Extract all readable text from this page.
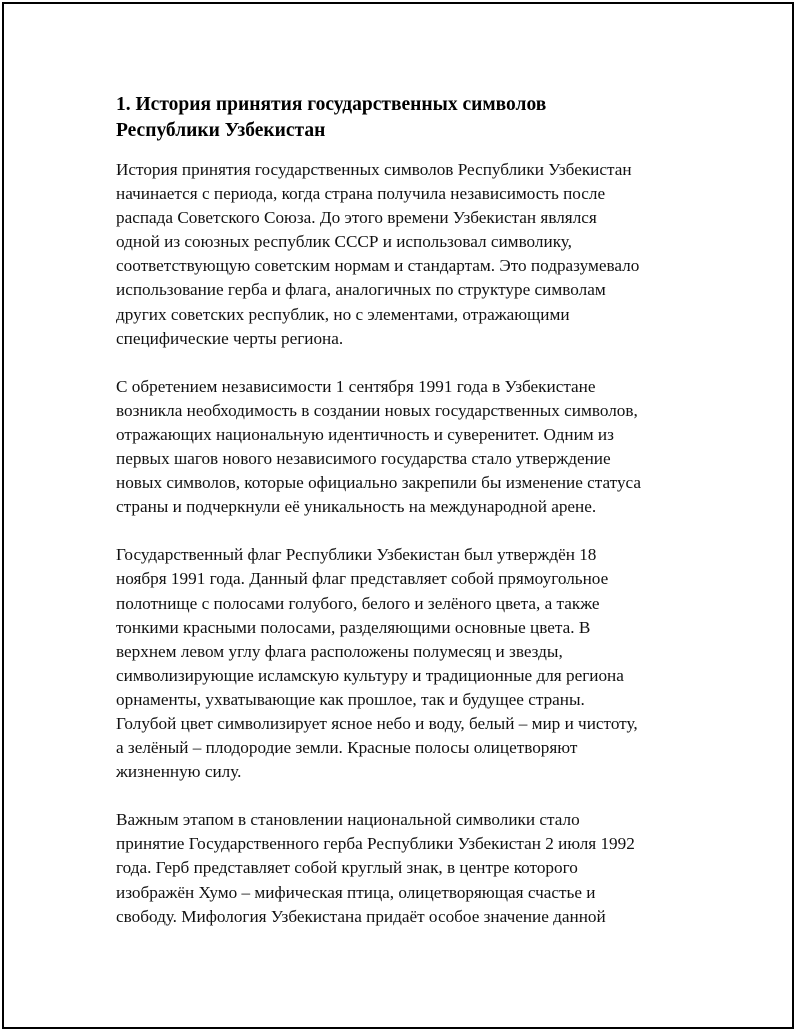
1. История принятия государственных символов
Республики Узбекистан

История принятия государственных символов Республики Узбекистан
начинается с периода, когда страна получила независимость после
распада Советского Союза. До этого времени Узбекистан являлся
одной из союзных республик СССР и использовал символику,
соответствующую советским нормам и стандартам. Это подразумевало
использование герба и флага, аналогичных по структуре символам
других советских республик, но с элементами, отражающими
специфические черты региона.

С обретением независимости 1 сентября 1991 года в Узбекистане
возникла необходимость в создании новых государственных символов,
отражающих национальную идентичность и суверенитет. Одним из
первых шагов нового независимого государства стало утверждение
новых символов, которые официально закрепили бы изменение статуса
страны и подчеркнули её уникальность на международной арене.

Государственный флаг Республики Узбекистан был утверждён 18
ноября 1991 года. Данный флаг представляет собой прямоугольное
полотнище с полосами голубого, белого и зелёного цвета, а также
тонкими красными полосами, разделяющими основные цвета. В
верхнем левом углу флага расположены полумесяц и звезды,
символизирующие исламскую культуру и традиционные для региона
орнаменты, ухватывающие как прошлое, так и будущее страны.
Голубой цвет символизирует ясное небо и воду, белый – мир и чистоту,
а зелёный – плодородие земли. Красные полосы олицетворяют
жизненную силу.

Важным этапом в становлении национальной символики стало
принятие Государственного герба Республики Узбекистан 2 июля 1992
года. Герб представляет собой круглый знак, в центре которого
изображён Хумо – мифическая птица, олицетворяющая счастье и
свободу. Мифология Узбекистана придаёт особое значение данной
